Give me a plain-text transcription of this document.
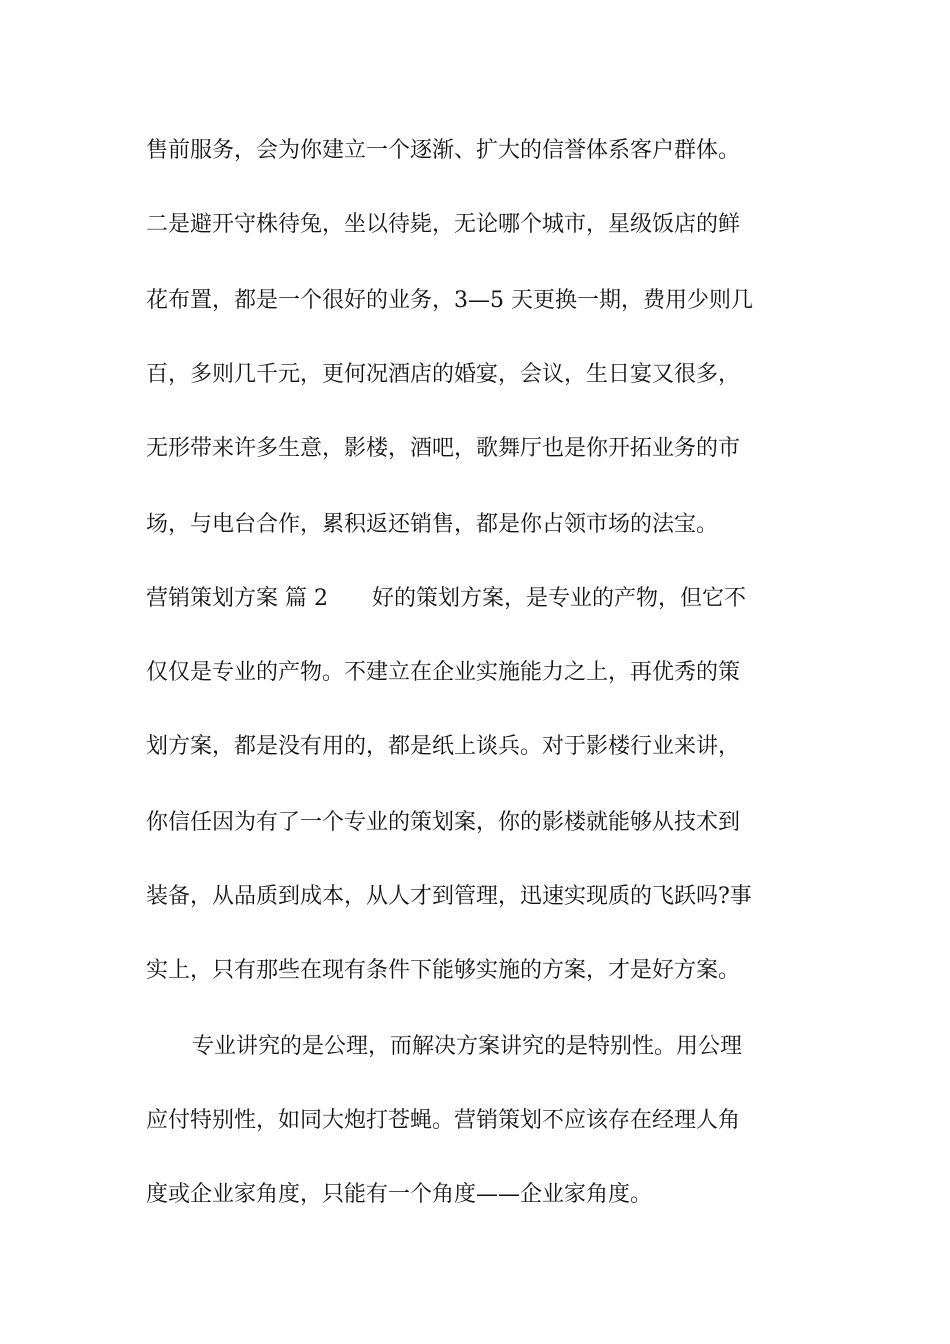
售前服务，会为你建立一个逐渐、扩大的信誉体系客户群体。
二是避开守株待兔，坐以待毙，无论哪个城市，星级饭店的鲜
花布置，都是一个很好的业务，3—5 天更换一期，费用少则几
百，多则几千元，更何况酒店的婚宴，会议，生日宴又很多，
无形带来许多生意，影楼，酒吧，歌舞厅也是你开拓业务的市
场，与电台合作，累积返还销售，都是你占领市场的法宝。
营销策划方案 篇 2　　好的策划方案，是专业的产物，但它不
仅仅是专业的产物。不建立在企业实施能力之上，再优秀的策
划方案，都是没有用的，都是纸上谈兵。对于影楼行业来讲，
你信任因为有了一个专业的策划案，你的影楼就能够从技术到
装备，从品质到成本，从人才到管理，迅速实现质的飞跃吗?事
实上，只有那些在现有条件下能够实施的方案，才是好方案。
专业讲究的是公理，而解决方案讲究的是特别性。用公理
应付特别性，如同大炮打苍蝇。营销策划不应该存在经理人角
度或企业家角度，只能有一个角度——企业家角度。
